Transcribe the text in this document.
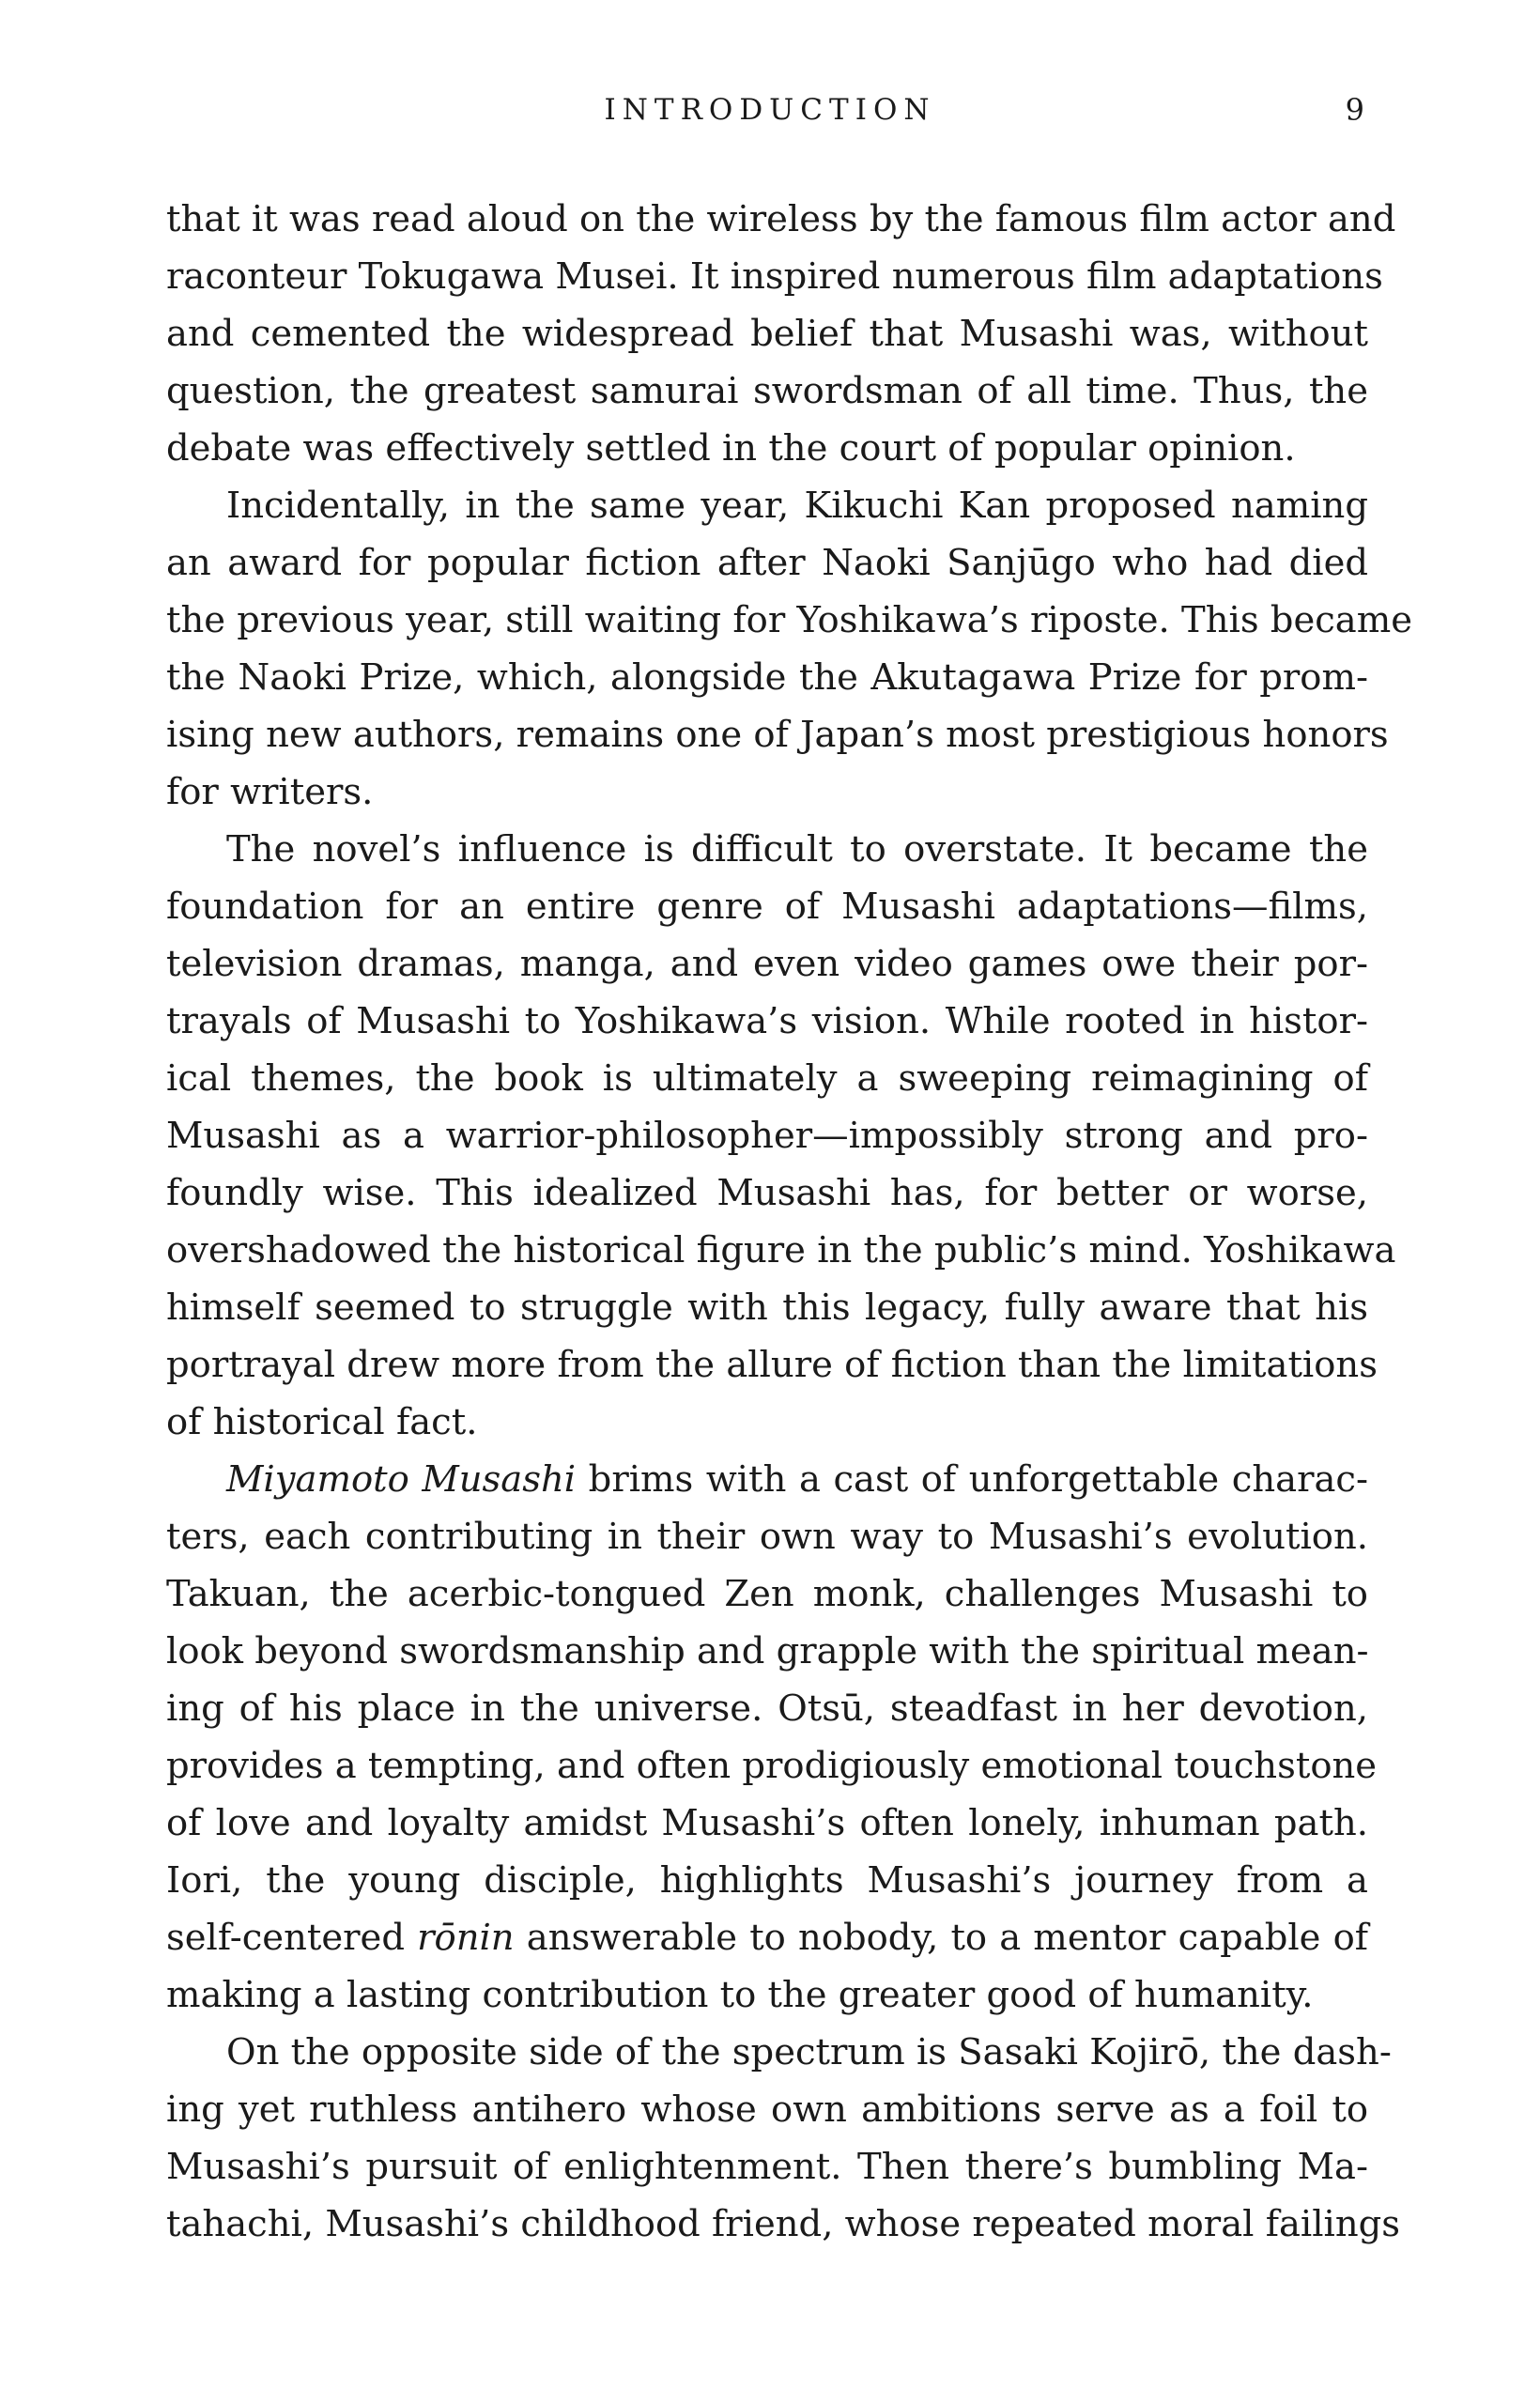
INTRODUCTION	9
that it was read aloud on the wireless by the famous film actor and
raconteur Tokugawa Musei. It inspired numerous film adaptations
and cemented the widespread belief that Musashi was, without
question, the greatest samurai swordsman of all time. Thus, the
debate was effectively settled in the court of popular opinion.
Incidentally, in the same year, Kikuchi Kan proposed naming
an award for popular fiction after Naoki Sanjūgo who had died
the previous year, still waiting for Yoshikawa’s riposte. This became
the Naoki Prize, which, alongside the Akutagawa Prize for prom-
ising new authors, remains one of Japan’s most prestigious honors
for writers.
The novel’s influence is difficult to overstate. It became the
foundation for an entire genre of Musashi adaptations—films,
television dramas, manga, and even video games owe their por-
trayals of Musashi to Yoshikawa’s vision. While rooted in histor-
ical themes, the book is ultimately a sweeping reimagining of
Musashi as a warrior-philosopher—impossibly strong and pro-
foundly wise. This idealized Musashi has, for better or worse,
overshadowed the historical figure in the public’s mind. Yoshikawa
himself seemed to struggle with this legacy, fully aware that his
portrayal drew more from the allure of fiction than the limitations
of historical fact.
Miyamoto Musashi brims with a cast of unforgettable charac-
ters, each contributing in their own way to Musashi’s evolution.
Takuan, the acerbic-tongued Zen monk, challenges Musashi to
look beyond swordsmanship and grapple with the spiritual mean-
ing of his place in the universe. Otsū, steadfast in her devotion,
provides a tempting, and often prodigiously emotional touchstone
of love and loyalty amidst Musashi’s often lonely, inhuman path.
Iori, the young disciple, highlights Musashi’s journey from a
self-centered rōnin answerable to nobody, to a mentor capable of
making a lasting contribution to the greater good of humanity.
On the opposite side of the spectrum is Sasaki Kojirō, the dash-
ing yet ruthless antihero whose own ambitions serve as a foil to
Musashi’s pursuit of enlightenment. Then there’s bumbling Ma-
tahachi, Musashi’s childhood friend, whose repeated moral failings
